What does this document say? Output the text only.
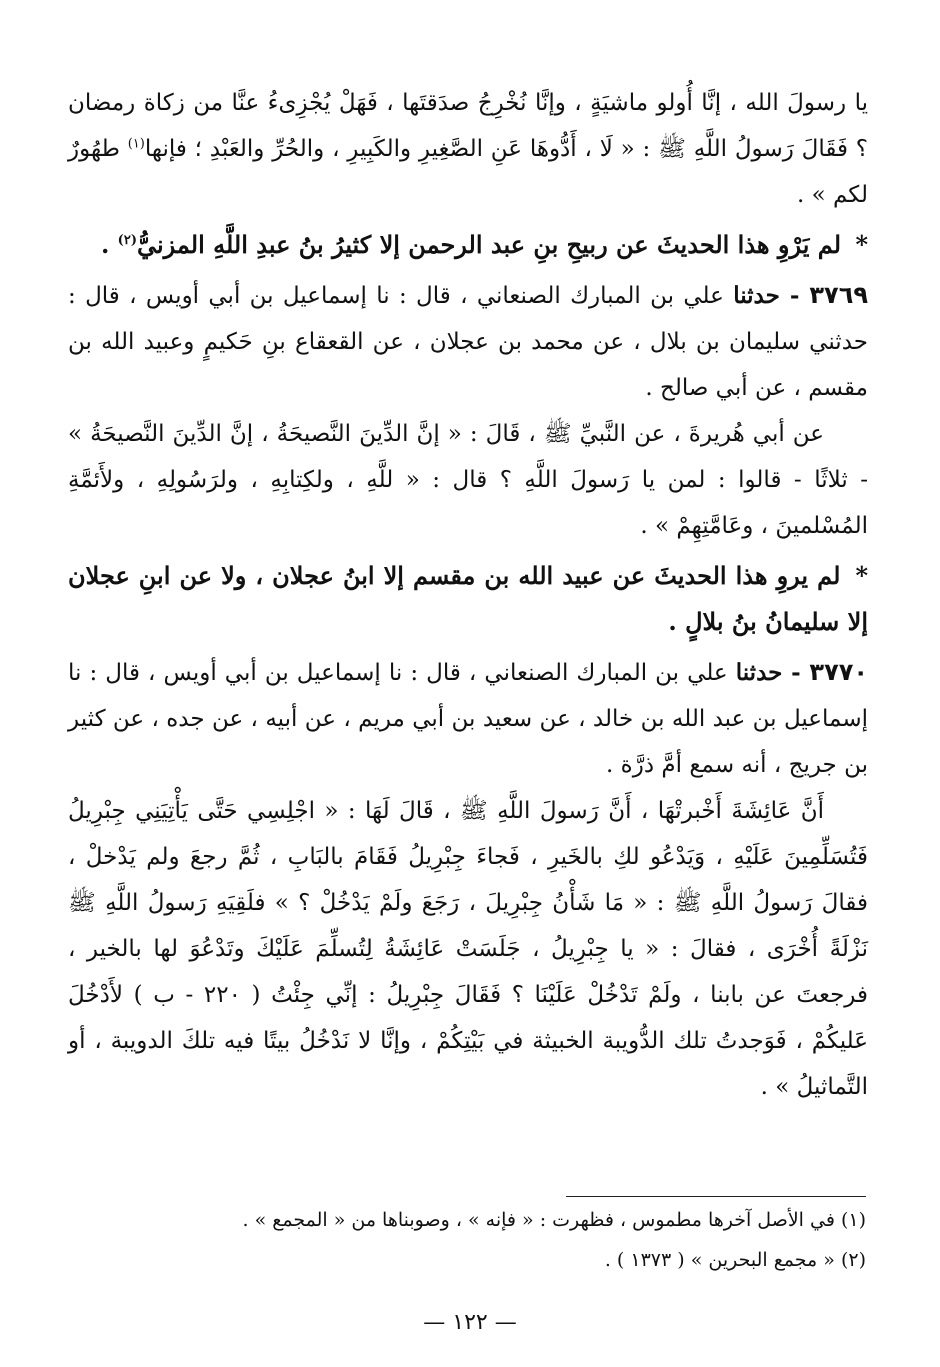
يا رسولَ الله ، إنَّا أُولو ماشيَةٍ ، وإنَّا نُخْرِجُ صدَقتَها ، فَهَلْ يُجْزِىءُ عنَّا من زكاة رمضان ؟ فَقَالَ رَسولُ اللَّهِ ﷺ : « لَا ، أَدُّوهَا عَنِ الصَّغِيرِ والكَبِيرِ ، والحُرِّ والعَبْدِ ؛ فإنها$^{(١)}$ طهُورٌ لكم » .

* لم يَرْوِ هذا الحديثَ عن ربيحِ بنِ عبد الرحمن إلا كثيرُ بنُ عبدِ اللَّهِ المزنيُّ$^{(٢)}$ .

٣٧٦٩ - حدثنا علي بن المبارك الصنعاني ، قال : نا إسماعيل بن أبي أويس ، قال : حدثني سليمان بن بلال ، عن محمد بن عجلان ، عن القعقاع بنِ حَكيمٍ وعبيد الله بن مقسم ، عن أبي صالح .

عن أبي هُريرةَ ، عن النَّبيِّ ﷺ ، قَالَ : « إنَّ الدِّينَ النَّصيحَةُ ، إنَّ الدِّينَ النَّصيحَةُ » - ثلاثًا - قالوا : لمن يا رَسولَ اللَّهِ ؟ قال : « للَّهِ ، ولكِتابِهِ ، ولرَسُولِهِ ، ولأَئمَّةِ المُسْلمينَ ، وعَامَّتِهِمْ » .

* لم يروِ هذا الحديثَ عن عبيد الله بن مقسم إلا ابنُ عجلان ، ولا عن ابنِ عجلان إلا سليمانُ بنُ بلالٍ .

٣٧٧٠ - حدثنا علي بن المبارك الصنعاني ، قال : نا إسماعيل بن أبي أويس ، قال : نا إسماعيل بن عبد الله بن خالد ، عن سعيد بن أبي مريم ، عن أبيه ، عن جده ، عن كثير بن جريج ، أنه سمع أمَّ ذرَّة .

أَنَّ عَائِشَةَ أَخْبرتْهَا ، أَنَّ رَسولَ اللَّهِ ﷺ ، قَالَ لَهَا : « اجْلِسِي حَتَّى يَأْتِيَنِي جِبْرِيلُ فَتُسَلِّمِينَ عَلَيْهِ ، وَيَدْعُو لكِ بالخَيرِ ، فَجاءَ جِبْرِيلُ فَقَامَ بالبَابِ ، ثُمَّ رجعَ ولم يَدْخلْ ، فقالَ رَسولُ اللَّهِ ﷺ : « مَا شَأْنُ جِبْرِيلَ ، رَجَعَ ولَمْ يَدْخُلْ ؟ » فلَقِيَهِ رَسولُ اللَّهِ ﷺ نَزْلَةً أُخْرَى ، فقالَ : « يا جِبْرِيلُ ، جَلَسَتْ عَائِشَةُ لِتُسلِّمَ عَلَيْكَ وتَدْعُوَ لها بالخير ، فرجعتَ عن بابنا ، ولَمْ تَدْخُلْ عَلَيْنَا ؟ فَقَالَ جِبْرِيلُ : إنِّي جِئْتُ ( ٢٢٠ - ب ) لأَدْخُلَ عَليكُمْ ، فَوَجدتُ تلك الدُّويبة الخبيثة في بَيْتِكُمْ ، وإنَّا لا نَدْخُلُ بيتًا فيه تلكَ الدويبة ، أو التَّماثيلُ » .

(١) في الأصل آخرها مطموس ، فظهرت : « فإنه » ، وصوبناها من « المجمع » .

(٢) « مجمع البحرين » ( ١٣٧٣ ) .

— ١٢٢ —
